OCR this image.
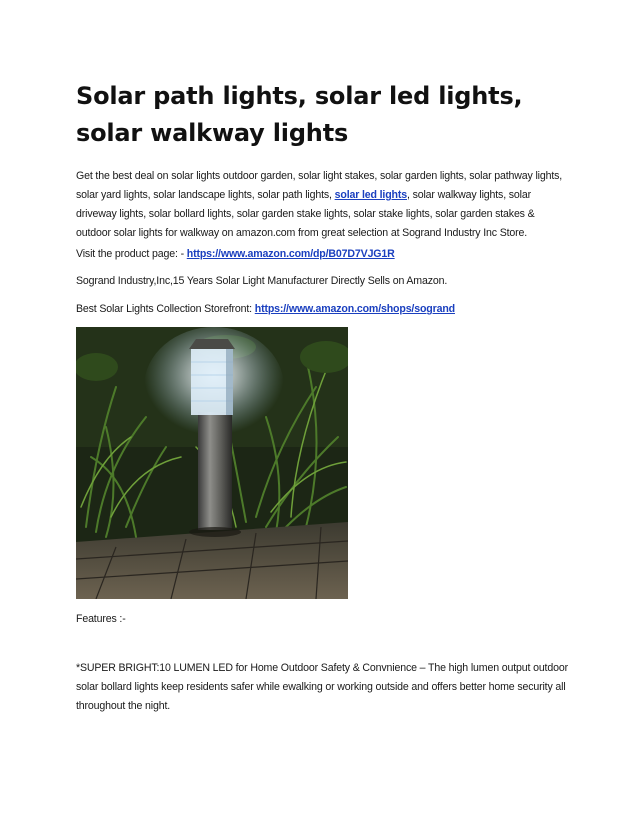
Solar path lights, solar led lights, solar walkway lights

Get the best deal on solar lights outdoor garden, solar light stakes, solar garden lights, solar pathway lights, solar yard lights, solar landscape lights, solar path lights, solar led lights, solar walkway lights, solar driveway lights, solar bollard lights, solar garden stake lights, solar stake lights, solar garden stakes & outdoor solar lights for walkway on amazon.com from great selection at Sogrand Industry Inc Store.

Visit the product page: - https://www.amazon.com/dp/B07D7VJG1R

Sogrand Industry,Inc,15 Years Solar Light Manufacturer Directly Sells on Amazon.

Best Solar Lights Collection Storefront: https://www.amazon.com/shops/sogrand

Features :-

*SUPER BRIGHT:10 LUMEN LED for Home Outdoor Safety & Convnience – The high lumen output outdoor solar bollard lights keep residents safer while ewalking or working outside and offers better home security all throughout the night.
